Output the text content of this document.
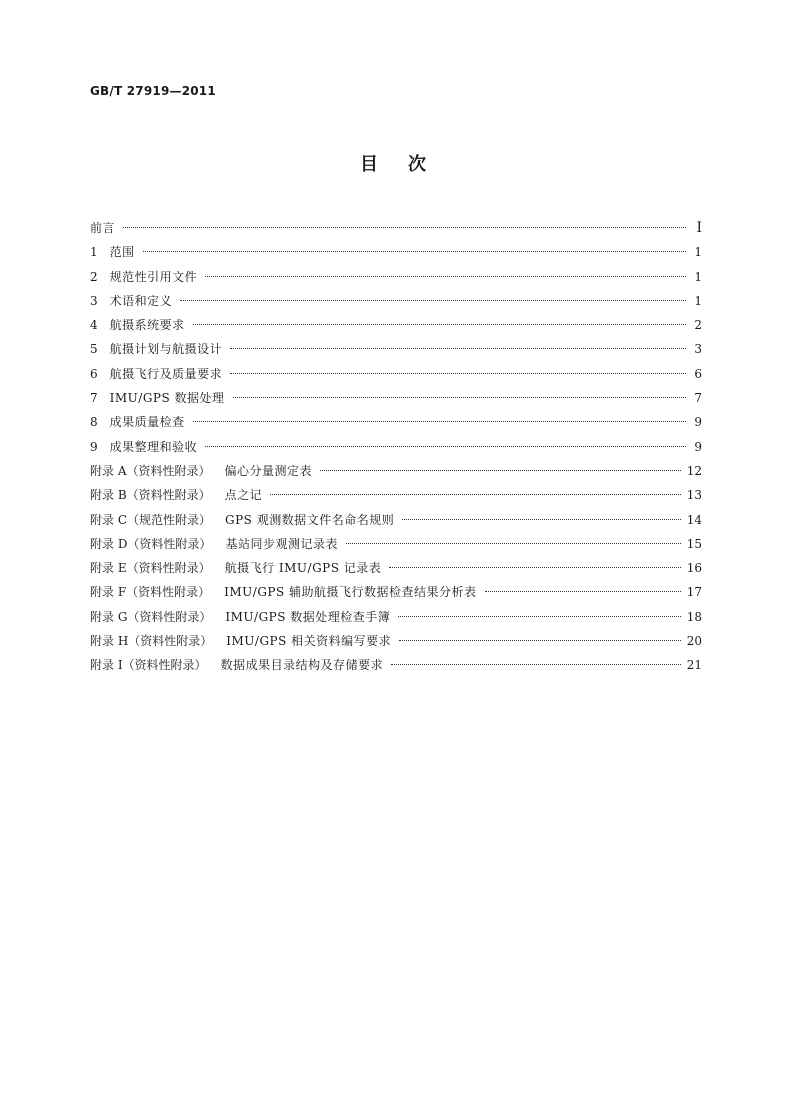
GB/T 27919—2011
目　次
前言	Ⅰ
1 范围	1
2 规范性引用文件	1
3 术语和定义	1
4 航摄系统要求	2
5 航摄计划与航摄设计	3
6 航摄飞行及质量要求	6
7 IMU/GPS 数据处理	7
8 成果质量检查	9
9 成果整理和验收	9
附录 A（资料性附录） 偏心分量测定表	12
附录 B（资料性附录） 点之记	13
附录 C（规范性附录） GPS 观测数据文件名命名规则	14
附录 D（资料性附录） 基站同步观测记录表	15
附录 E（资料性附录） 航摄飞行 IMU/GPS 记录表	16
附录 F（资料性附录） IMU/GPS 辅助航摄飞行数据检查结果分析表	17
附录 G（资料性附录） IMU/GPS 数据处理检查手簿	18
附录 H（资料性附录） IMU/GPS 相关资料编写要求	20
附录 I（资料性附录） 数据成果目录结构及存储要求	21
